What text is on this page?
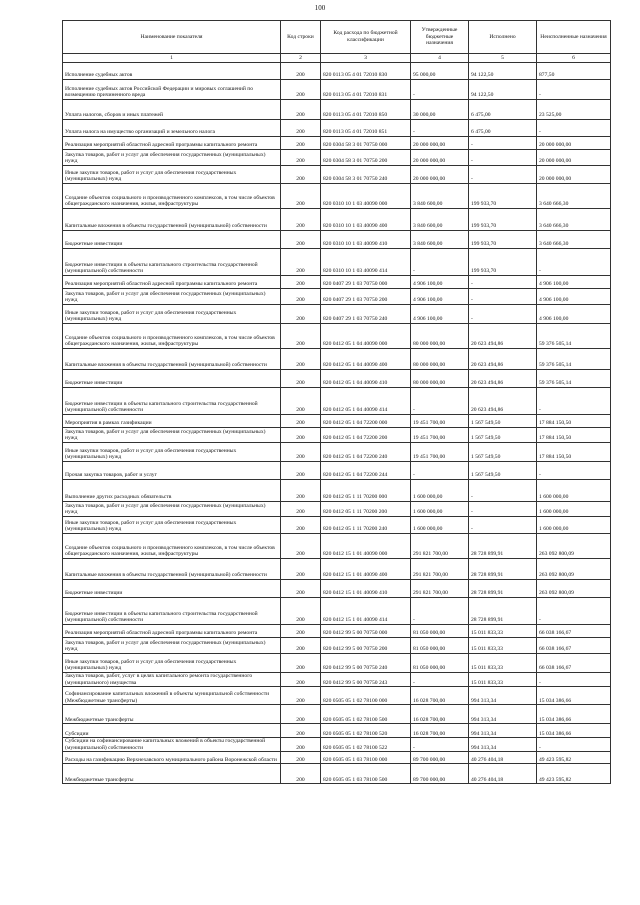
100
Наименование показателя	Код строки	Код расхода по бюджетной классификации	Утвержденные бюджетные назначения	Исполнено	Неисполненные назначения
1	2	3	4	5	6
Исполнение судебных актов	200	820 0113 05 4 01 72010 830	95 000,00	94 122,50	877,50
Исполнение судебных актов Российской Федерации и мировых соглашений по возмещению причиненного вреда	200	820 0113 05 4 01 72010 831	-	94 122,50	-
Уплата налогов, сборов и иных платежей	200	820 0113 05 4 01 72010 850	30 000,00	6 475,00	23 525,00
Уплата налога на имущество организаций и земельного налога	200	820 0113 05 4 01 72010 851	-	6 475,00	-
Реализация мероприятий областной адресной программы капитального ремонта	200	820 0304 58 3 01 70750 000	20 000 000,00	-	20 000 000,00
Закупка товаров, работ и услуг для обеспечения государственных (муниципальных) нужд	200	820 0304 58 3 01 70750 200	20 000 000,00	-	20 000 000,00
Иные закупки товаров, работ и услуг для обеспечения государственных (муниципальных) нужд	200	820 0304 58 3 01 70750 240	20 000 000,00	-	20 000 000,00
Создание объектов социального и производственного комплексов, в том числе объектов общегражданского назначения, жилья, инфраструктуры	200	820 0310 10 1 03 40090 000	3 840 600,00	199 933,70	3 640 666,30
Капитальные вложения в объекты государственной (муниципальной) собственности	200	820 0310 10 1 03 40090 400	3 840 600,00	199 933,70	3 640 666,30
Бюджетные инвестиции	200	820 0310 10 1 03 40090 410	3 840 600,00	199 933,70	3 640 666,30
Бюджетные инвестиции в объекты капитального строительства государственной (муниципальной) собственности	200	820 0310 10 1 03 40090 414	-	199 933,70	-
Реализация мероприятий областной адресной программы капитального ремонта	200	820 0407 29 1 03 70750 000	4 906 100,00	-	4 906 100,00
Закупка товаров, работ и услуг для обеспечения государственных (муниципальных) нужд	200	820 0407 29 1 03 70750 200	4 906 100,00	-	4 906 100,00
Иные закупки товаров, работ и услуг для обеспечения государственных (муниципальных) нужд	200	820 0407 29 1 03 70750 240	4 906 100,00	-	4 906 100,00
Создание объектов социального и производственного комплексов, в том числе объектов общегражданского назначения, жилья, инфраструктуры	200	820 0412 05 1 04 40090 000	80 000 000,00	20 623 494,86	59 376 505,14
Капитальные вложения в объекты государственной (муниципальной) собственности	200	820 0412 05 1 04 40090 400	80 000 000,00	20 623 494,86	59 376 505,14
Бюджетные инвестиции	200	820 0412 05 1 04 40090 410	80 000 000,00	20 623 494,86	59 376 505,14
Бюджетные инвестиции в объекты капитального строительства государственной (муниципальной) собственности	200	820 0412 05 1 04 40090 414	-	20 623 494,86	-
Мероприятия в рамках газификации	200	820 0412 05 1 04 72200 000	19 451 700,00	1 567 549,50	17 884 150,50
Закупка товаров, работ и услуг для обеспечения государственных (муниципальных) нужд	200	820 0412 05 1 04 72200 200	19 451 700,00	1 567 549,50	17 884 150,50
Иные закупки товаров, работ и услуг для обеспечения государственных (муниципальных) нужд	200	820 0412 05 1 04 72200 240	19 451 700,00	1 567 549,50	17 884 150,50
Прочая закупка товаров, работ и услуг	200	820 0412 05 1 04 72200 244	-	1 567 549,50	-
Выполнение других расходных обязательств	200	820 0412 05 1 11 70200 000	1 600 000,00	-	1 600 000,00
Закупка товаров, работ и услуг для обеспечения государственных (муниципальных) нужд	200	820 0412 05 1 11 70200 200	1 600 000,00	-	1 600 000,00
Иные закупки товаров, работ и услуг для обеспечения государственных (муниципальных) нужд	200	820 0412 05 1 11 70200 240	1 600 000,00	-	1 600 000,00
Создание объектов социального и производственного комплексов, в том числе объектов общегражданского назначения, жилья, инфраструктуры	200	820 0412 15 1 01 40090 000	291 821 700,00	28 728 899,91	263 092 800,09
Капитальные вложения в объекты государственной (муниципальной) собственности	200	820 0412 15 1 01 40090 400	291 821 700,00	28 728 899,91	263 092 800,09
Бюджетные инвестиции	200	820 0412 15 1 01 40090 410	291 821 700,00	28 728 899,91	263 092 800,09
Бюджетные инвестиции в объекты капитального строительства государственной (муниципальной) собственности	200	820 0412 15 1 01 40090 414	-	28 728 899,91	-
Реализация мероприятий областной адресной программы капитального ремонта	200	820 0412 99 5 00 70750 000	81 050 000,00	15 011 833,33	66 038 166,67
Закупка товаров, работ и услуг для обеспечения государственных (муниципальных) нужд	200	820 0412 99 5 00 70750 200	81 050 000,00	15 011 833,33	66 038 166,67
Иные закупки товаров, работ и услуг для обеспечения государственных (муниципальных) нужд	200	820 0412 99 5 00 70750 240	81 050 000,00	15 011 833,33	66 038 166,67
Закупка товаров, работ, услуг в целях капитального ремонта государственного (муниципального) имущества	200	820 0412 99 5 00 70750 243	-	15 011 833,33	-
Софинансирование капитальных вложений в объекты муниципальной собственности (Межбюджетные трансферты)	200	820 0505 05 1 02 78100 000	16 028 700,00	994 313,34	15 034 386,66
Межбюджетные трансферты	200	820 0505 05 1 02 78100 500	16 028 700,00	994 313,34	15 034 386,66
Субсидии	200	820 0505 05 1 02 78100 520	16 028 700,00	994 313,34	15 034 386,66
Субсидии на софинансирование капитальных вложений в объекты государственной (муниципальной) собственности	200	820 0505 05 1 02 78100 522	-	994 313,34	-
Расходы на газификацию Верхнехавского муниципального района Воронежской области	200	820 0505 05 1 03 78100 000	89 700 000,00	40 276 404,18	49 423 595,82
Межбюджетные трансферты	200	820 0505 05 1 03 78100 500	89 700 000,00	40 276 404,18	49 423 595,82
